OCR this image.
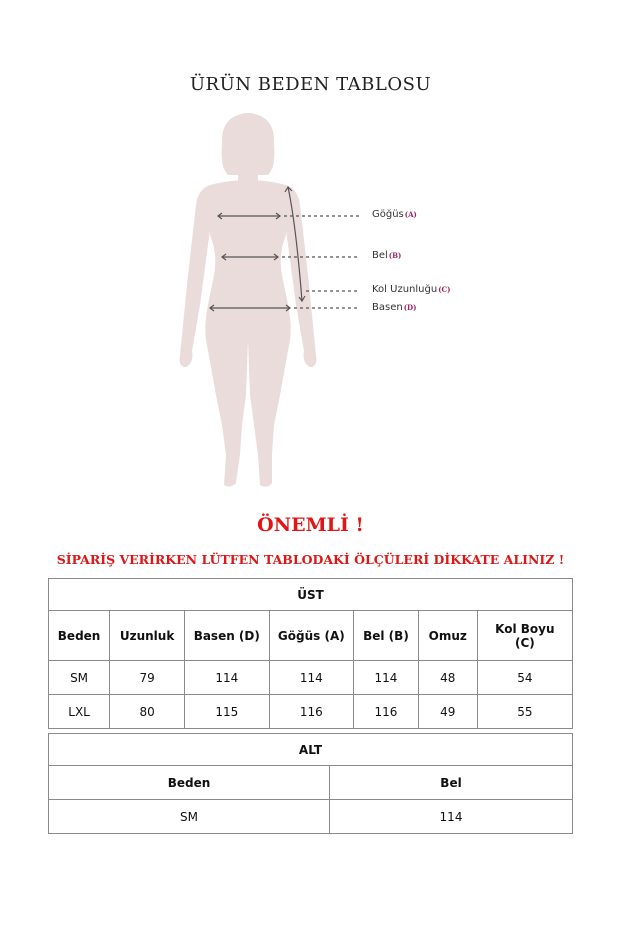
ÜRÜN BEDEN TABLOSU
Göğüs(A)
Bel(B)
Kol Uzunluğu(C)
Basen(D)
ÖNEMLİ !
SİPARİŞ VERİRKEN LÜTFEN TABLODAKİ ÖLÇÜLERİ DİKKATE ALINIZ !
ÜST						
Beden	Uzunluk	Basen (D)	Göğüs (A)	Bel (B)	Omuz	Kol Boyu (C)
SM	79	114	114	114	48	54
LXL	80	115	116	116	49	55
ALT	
Beden	Bel
SM	114
